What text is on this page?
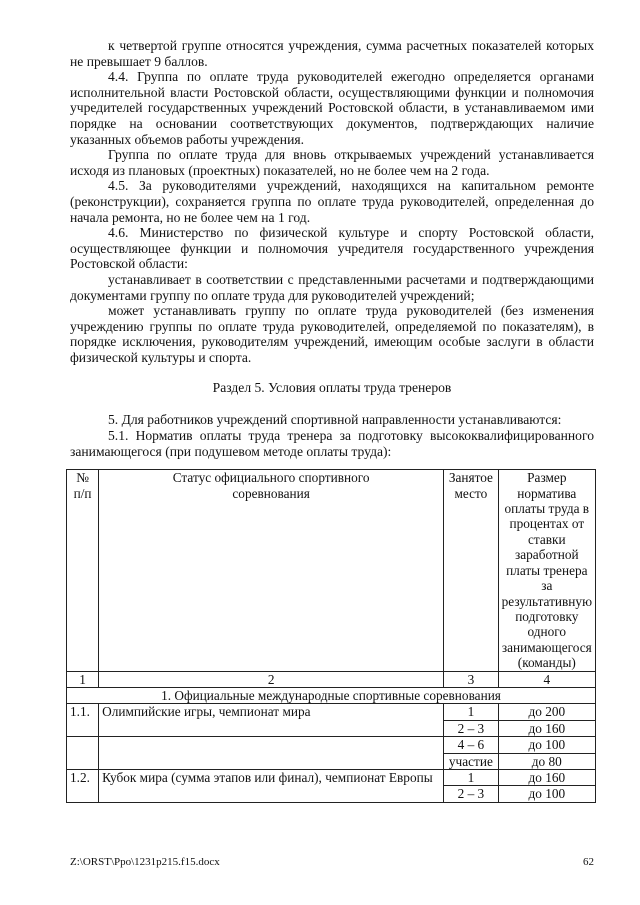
к четвертой группе относятся учреждения, сумма расчетных показателей которых не превышает 9 баллов.

4.4. Группа по оплате труда руководителей ежегодно определяется органами исполнительной власти Ростовской области, осуществляющими функции и полномочия учредителей государственных учреждений Ростовской области, в устанавливаемом ими порядке на основании соответствующих документов, подтверждающих наличие указанных объемов работы учреждения.

Группа по оплате труда для вновь открываемых учреждений устанавливается исходя из плановых (проектных) показателей, но не более чем на 2 года.

4.5. За руководителями учреждений, находящихся на капитальном ремонте (реконструкции), сохраняется группа по оплате труда руководителей, определенная до начала ремонта, но не более чем на 1 год.

4.6. Министерство по физической культуре и спорту Ростовской области, осуществляющее функции и полномочия учредителя государственного учреждения Ростовской области:

устанавливает в соответствии с представленными расчетами и подтверждающими документами группу по оплате труда для руководителей учреждений;

может устанавливать группу по оплате труда руководителей (без изменения учреждению группы по оплате труда руководителей, определяемой по показателям), в порядке исключения, руководителям учреждений, имеющим особые заслуги в области физической культуры и спорта.

Раздел 5. Условия оплаты труда тренеров

5. Для работников учреждений спортивной направленности устанавливаются:

5.1. Норматив оплаты труда тренера за подготовку высококвалифицированного занимающегося (при подушевом методе оплаты труда):

№ п/п	Статус официального спортивного соревнования	Занятое место	Размер норматива оплаты труда в процентах от ставки заработной платы тренера за результативную подготовку одного занимающегося (команды)
1	2	3	4
1. Официальные международные спортивные соревнования			
1.1.	Олимпийские игры, чемпионат мира	1	до 200
		2 – 3	до 160
		4 – 6	до 100
		участие	до 80
1.2.	Кубок мира (сумма этапов или финал), чемпионат Европы	1	до 160
		2 – 3	до 100
Z:\ORST\Ppo\1231p215.f15.docx	62
